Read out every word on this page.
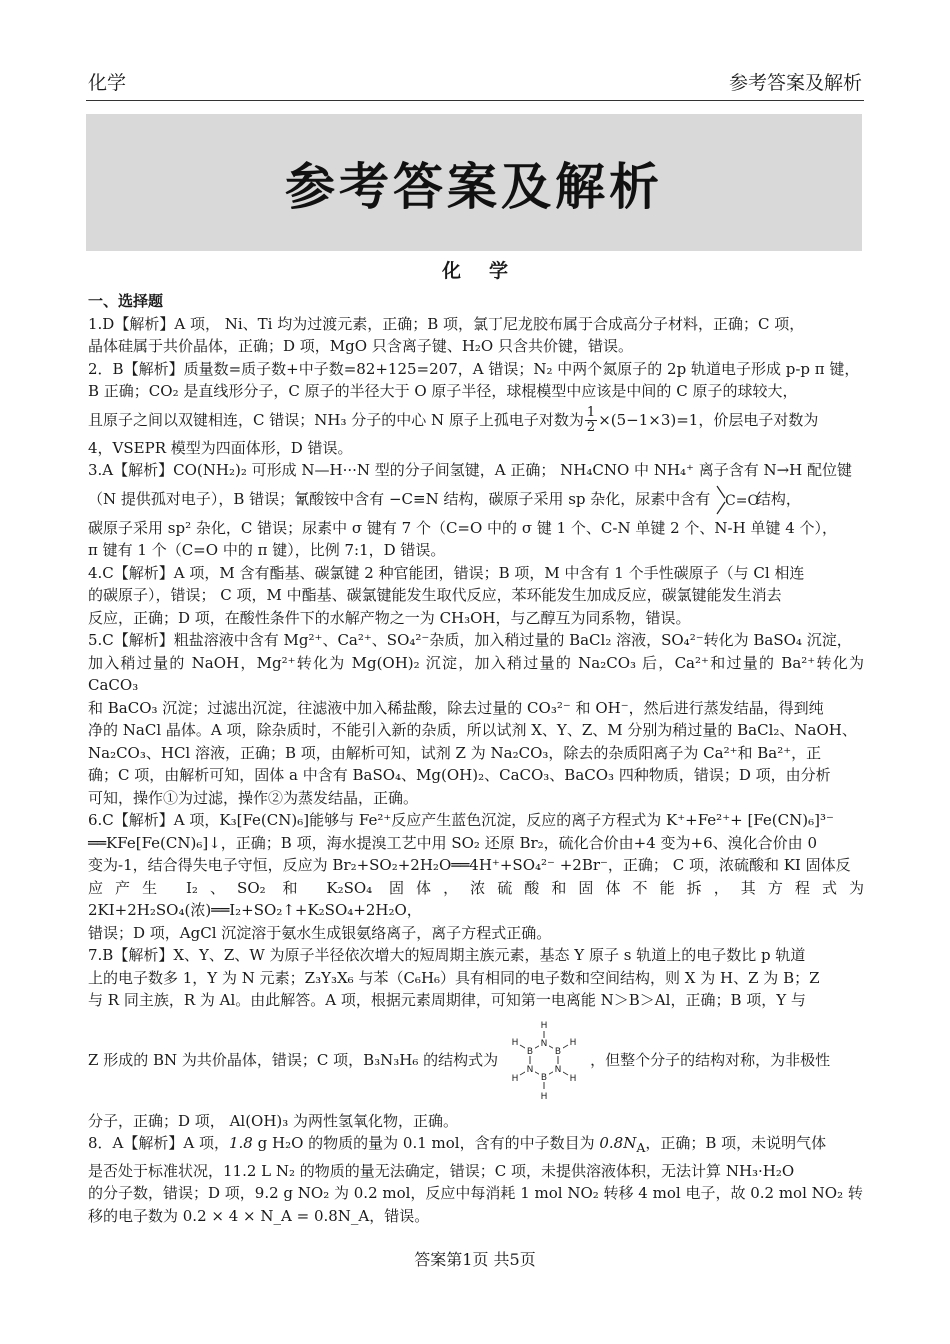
化学	参考答案及解析
参考答案及解析
化学
一、选择题
1.D【解析】A 项， Ni、Ti 均为过渡元素，正确；B 项，氯丁尼龙胶布属于合成高分子材料，正确；C 项，
晶体硅属于共价晶体，正确；D 项，MgO 只含离子键、H₂O 只含共价键，错误。
2．B【解析】质量数=质子数+中子数=82+125=207，A 错误；N₂ 中两个氮原子的 2p 轨道电子形成 p-p π 键，
B 正确；CO₂ 是直线形分子，C 原子的半径大于 O 原子半径，球棍模型中应该是中间的 C 原子的球较大，
且原子之间以双键相连，C 错误；NH₃ 分子的中心 N 原子上孤电子对数为 $\frac{1}{2} \times(5-1\times 3)=1$，价层电子对数为
4，VSEPR 模型为四面体形，D 错误。
3.A【解析】CO(NH₂)₂ 可形成 N—H···N 型的分子间氢键，A 正确； NH₄CNO 中 NH₄⁺ 离子含有 N→H 配位键
（N 提供孤对电子），B 错误；氰酸铵中含有 −C≡N 结构，碳原子采用 sp 杂化，尿素中含有 C=O
结构，
碳原子采用 sp² 杂化，C 错误；尿素中 σ 键有 7 个（C=O 中的 σ 键 1 个、C-N 单键 2 个、N-H 单键 4 个），
π 键有 1 个（C=O 中的 π 键），比例 7:1，D 错误。
4.C【解析】A 项，M 含有酯基、碳氯键 2 种官能团，错误；B 项，M 中含有 1 个手性碳原子（与 Cl 相连
的碳原子），错误； C 项，M 中酯基、碳氯键能发生取代反应，苯环能发生加成反应，碳氯键能发生消去
反应，正确；D 项，在酸性条件下的水解产物之一为 CH₃OH，与乙醇互为同系物，错误。
5.C【解析】粗盐溶液中含有 Mg²⁺、Ca²⁺、SO₄²⁻杂质，加入稍过量的 BaCl₂ 溶液，SO₄²⁻转化为 BaSO₄ 沉淀，
加入稍过量的 NaOH，Mg²⁺转化为 Mg(OH)₂ 沉淀，加入稍过量的 Na₂CO₃ 后，Ca²⁺和过量的 Ba²⁺转化为 CaCO₃
和 BaCO₃ 沉淀；过滤出沉淀，往滤液中加入稀盐酸，除去过量的 CO₃²⁻ 和 OH⁻，然后进行蒸发结晶，得到纯
净的 NaCl 晶体。A 项，除杂质时，不能引入新的杂质，所以试剂 X、Y、Z、M 分别为稍过量的 BaCl₂、NaOH、
Na₂CO₃、HCl 溶液，正确；B 项，由解析可知，试剂 Z 为 Na₂CO₃，除去的杂质阳离子为 Ca²⁺和 Ba²⁺，正
确；C 项，由解析可知，固体 a 中含有 BaSO₄、Mg(OH)₂、CaCO₃、BaCO₃ 四种物质，错误；D 项，由分析
可知，操作①为过滤，操作②为蒸发结晶，正确。
6.C【解析】A 项，K₃[Fe(CN)₆]能够与 Fe²⁺反应产生蓝色沉淀，反应的离子方程式为 K⁺+Fe²⁺+ [Fe(CN)₆]³⁻
══KFe[Fe(CN)₆]↓，正确；B 项，海水提溴工艺中用 SO₂ 还原 Br₂，硫化合价由+4 变为+6、溴化合价由 0
变为-1，结合得失电子守恒，反应为 Br₂+SO₂+2H₂O══4H⁺+SO₄²⁻ +2Br⁻，正确； C 项，浓硫酸和 KI 固体反
应产生 I₂、SO₂ 和 K₂SO₄ 固体，浓硫酸和固体不能拆，其方程式为 2KI+2H₂SO₄(浓)══I₂+SO₂↑+K₂SO₄+2H₂O，
错误；D 项，AgCl 沉淀溶于氨水生成银氨络离子，离子方程式正确。
7.B【解析】X、Y、Z、W 为原子半径依次增大的短周期主族元素，基态 Y 原子 s 轨道上的电子数比 p 轨道
上的电子数多 1，Y 为 N 元素；Z₃Y₃X₆ 与苯（C₆H₆）具有相同的电子数和空间结构，则 X 为 H、Z 为 B；Z
与 R 同主族，R 为 Al。由此解答。A 项，根据元素周期律，可知第一电离能 N＞B＞Al，正确；B 项，Y 与
Z 形成的 BN 为共价晶体，错误；C 项，B₃N₃H₆ 的结构式为
N
B
N
B
N
B
H
H
H
H
H
H
，但整个分子的结构对称，为非极性
分子，正确；D 项， Al(OH)₃ 为两性氢氧化物，正确。
8．A【解析】A 项，1.8 g H₂O 的物质的量为 0.1 mol，含有的中子数目为 $0.8N_A$，正确；B 项，未说明气体
是否处于标准状况，11.2 L N₂ 的物质的量无法确定，错误；C 项，未提供溶液体积，无法计算 NH₃·H₂O
的分子数，错误；D 项，9.2 g NO₂ 为 0.2 mol，反应中每消耗 1 mol NO₂ 转移 4 mol 电子，故 0.2 mol NO₂ 转
移的电子数为 0.2 × 4 × N_A = 0.8N_A，错误。
答案第1页 共5页
